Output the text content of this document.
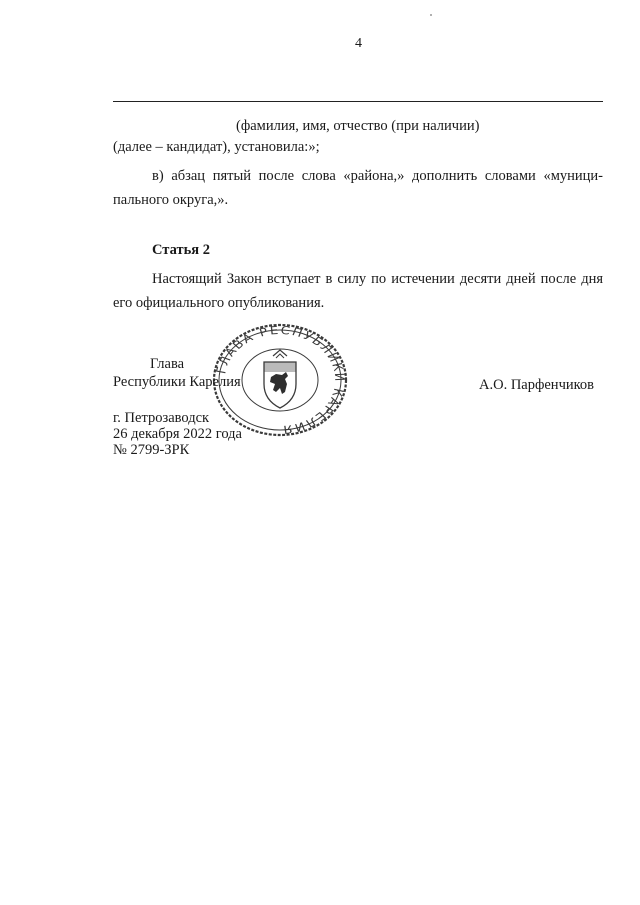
4
(фамилия, имя, отчество (при наличии)
(далее – кандидат), установила:»;
в) абзац пятый после слова «района,» дополнить словами «муници-
пального округа,».
Статья 2
Настоящий Закон вступает в силу по истечении десяти дней после дня
его официального опубликования.
ГЛАВА РЕСПУБЛИКИ КАРЕЛИЯ
Глава
Республики Карелия	А.О. Парфенчиков
г. Петрозаводск
26 декабря 2022 года
№ 2799-ЗРК
